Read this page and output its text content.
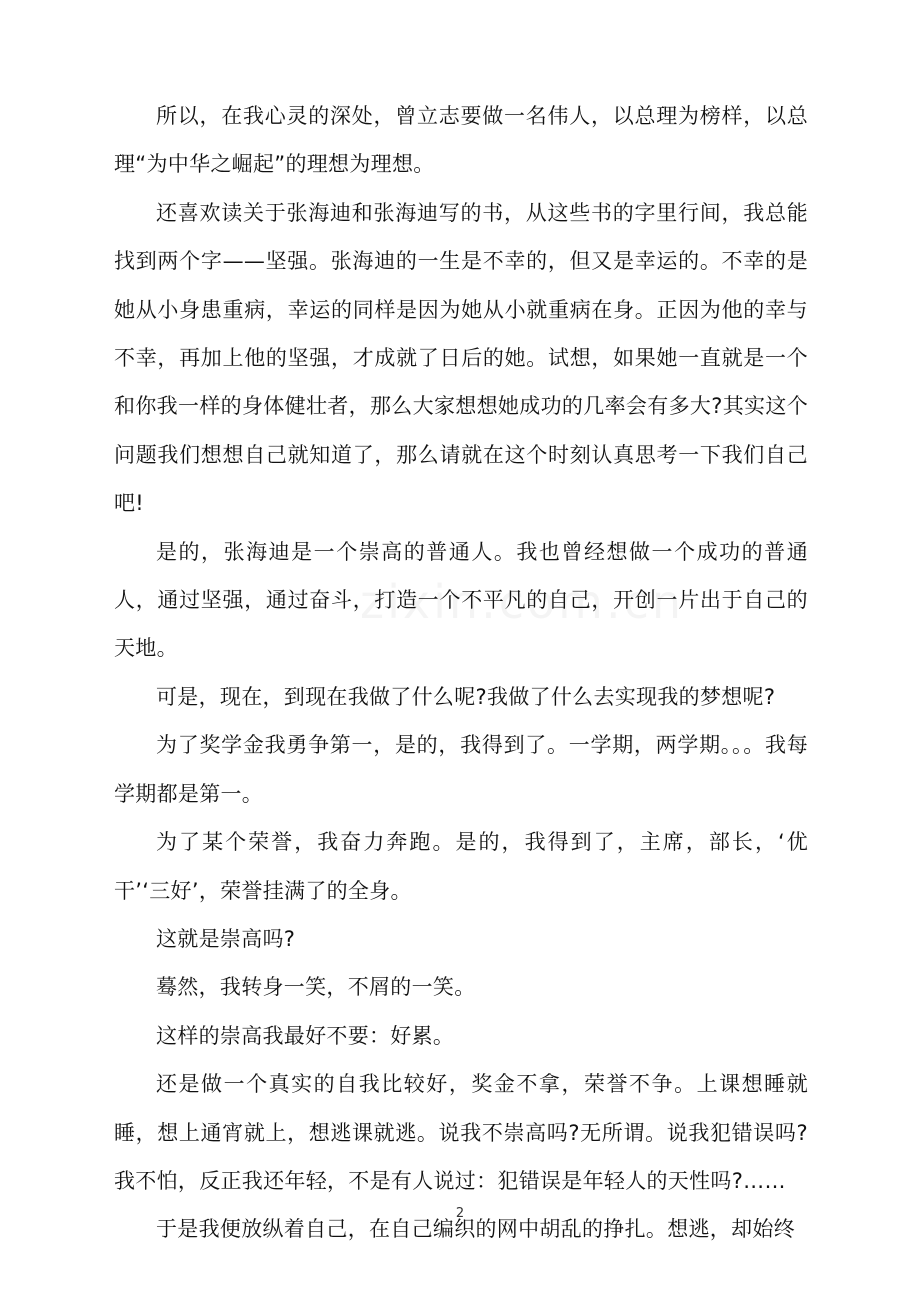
所以，在我心灵的深处，曾立志要做一名伟人，以总理为榜样，以总理“为中华之崛起”的理想为理想。

还喜欢读关于张海迪和张海迪写的书，从这些书的字里行间，我总能找到两个字——坚强。张海迪的一生是不幸的，但又是幸运的。不幸的是她从小身患重病，幸运的同样是因为她从小就重病在身。正因为他的幸与不幸，再加上他的坚强，才成就了日后的她。试想，如果她一直就是一个和你我一样的身体健壮者，那么大家想想她成功的几率会有多大?其实这个问题我们想想自己就知道了，那么请就在这个时刻认真思考一下我们自己吧!

是的，张海迪是一个崇高的普通人。我也曾经想做一个成功的普通人，通过坚强，通过奋斗，打造一个不平凡的自己，开创一片出于自己的天地。

可是，现在，到现在我做了什么呢?我做了什么去实现我的梦想呢?

为了奖学金我勇争第一，是的，我得到了。一学期，两学期。。。我每学期都是第一。

为了某个荣誉，我奋力奔跑。是的，我得到了，主席，部长，‘优干’‘三好’，荣誉挂满了的全身。

这就是崇高吗?

蓦然，我转身一笑，不屑的一笑。

这样的崇高我最好不要：好累。

还是做一个真实的自我比较好，奖金不拿，荣誉不争。上课想睡就睡，想上通宵就上，想逃课就逃。说我不崇高吗?无所谓。说我犯错误吗?我不怕，反正我还年轻，不是有人说过：犯错误是年轻人的天性吗?……

于是我便放纵着自己，在自己编织的网中胡乱的挣扎。想逃，却始终

2
